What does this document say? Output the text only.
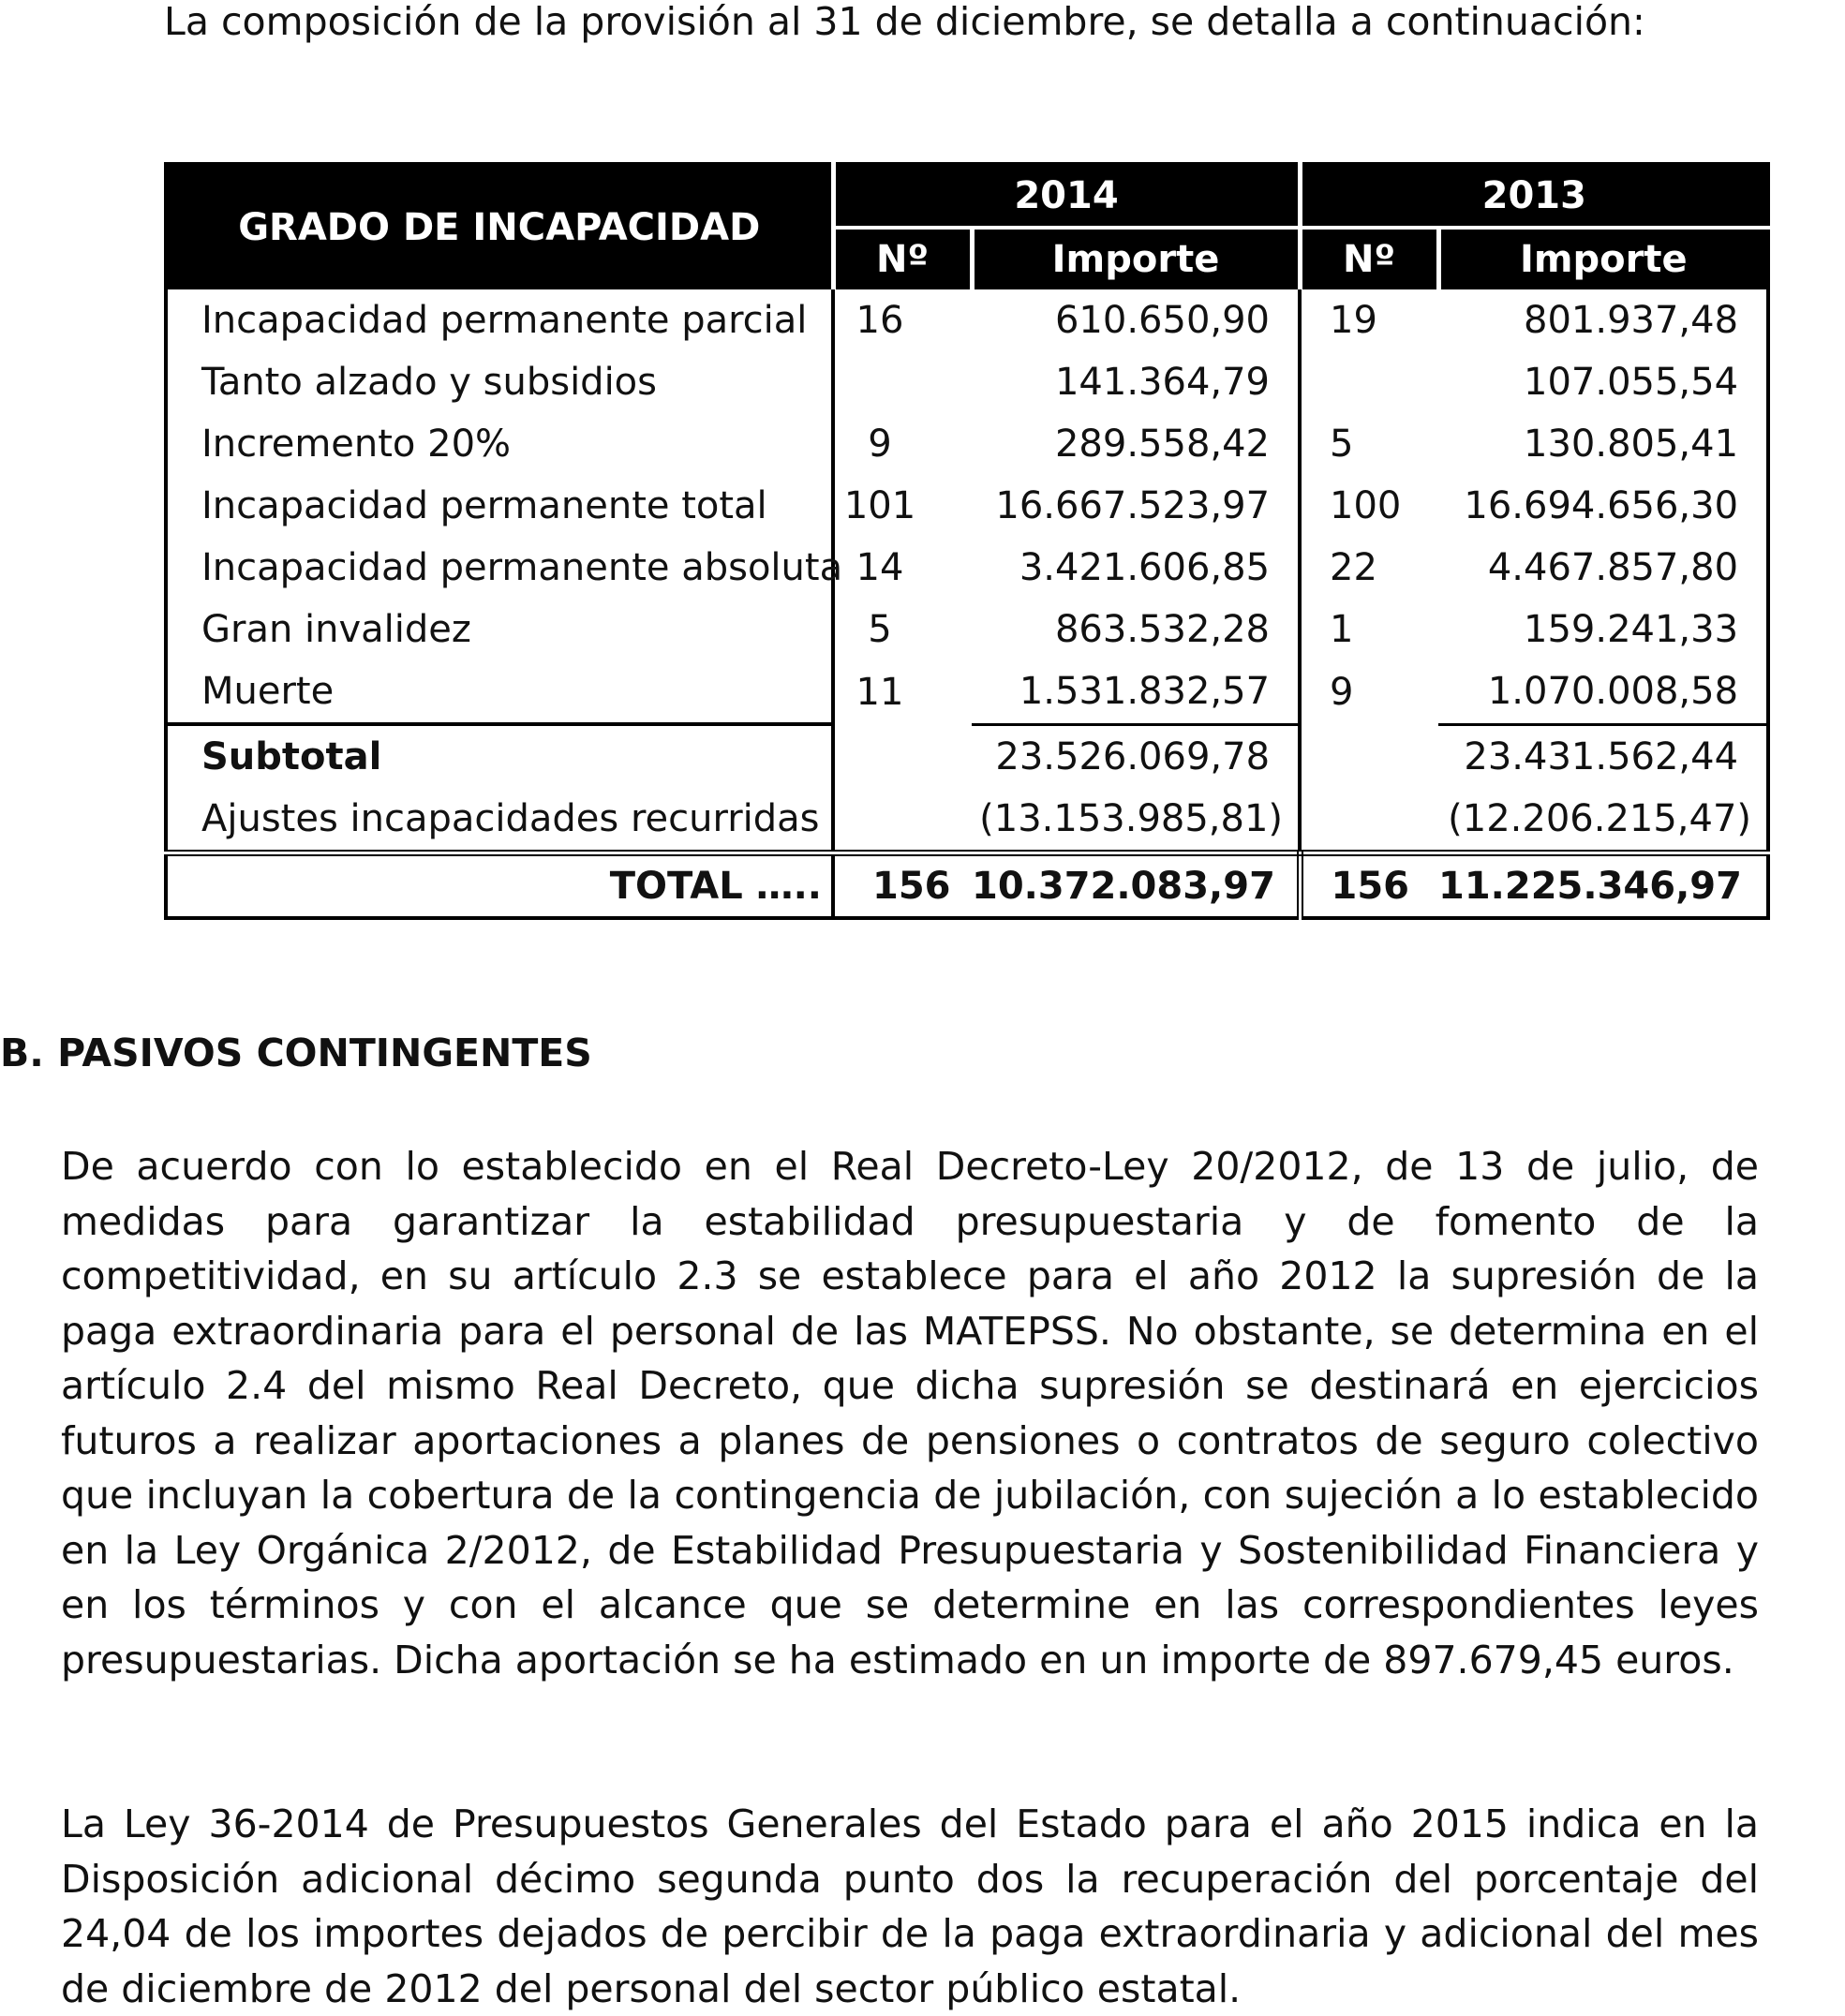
La composición de la provisión al 31 de diciembre, se detalla a continuación:
GRADO DE INCAPACIDAD	2014		2013	
	Nº	Importe	Nº	Importe
Incapacidad permanente parcial	16	610.650,90	19	801.937,48
Tanto alzado y subsidios		141.364,79		107.055,54
Incremento 20%	9	289.558,42	5	130.805,41
Incapacidad permanente total	101	16.667.523,97	100	16.694.656,30
Incapacidad permanente absoluta	14	3.421.606,85	22	4.467.857,80
Gran invalidez	5	863.532,28	1	159.241,33
Muerte	11	1.531.832,57	9	1.070.008,58
Subtotal		23.526.069,78		23.431.562,44
Ajustes incapacidades recurridas		(13.153.985,81)		(12.206.215,47)
TOTAL …..	156	10.372.083,97	156	11.225.346,97
B. PASIVOS CONTINGENTES
De acuerdo con lo establecido en el Real Decreto-Ley 20/2012, de 13 de julio, de medidas para garantizar la estabilidad presupuestaria y de fomento de la competitividad, en su artículo 2.3 se establece para el año 2012 la supresión de la paga extraordinaria para el personal de las MATEPSS. No obstante, se determina en el artículo 2.4 del mismo Real Decreto, que dicha supresión se destinará en ejercicios futuros a realizar aportaciones a planes de pensiones o contratos de seguro colectivo que incluyan la cobertura de la contingencia de jubilación, con sujeción a lo establecido en la Ley Orgánica 2/2012, de Estabilidad Presupuestaria y Sostenibilidad Financiera y en los términos y con el alcance que se determine en las correspondientes leyes presupuestarias. Dicha aportación se ha estimado en un importe de 897.679,45 euros.
La Ley 36-2014 de Presupuestos Generales del Estado para el año 2015 indica en la Disposición adicional décimo segunda punto dos la recuperación del porcentaje del 24,04 de los importes dejados de percibir de la paga extraordinaria y adicional del mes de diciembre de 2012 del personal del sector público estatal.
